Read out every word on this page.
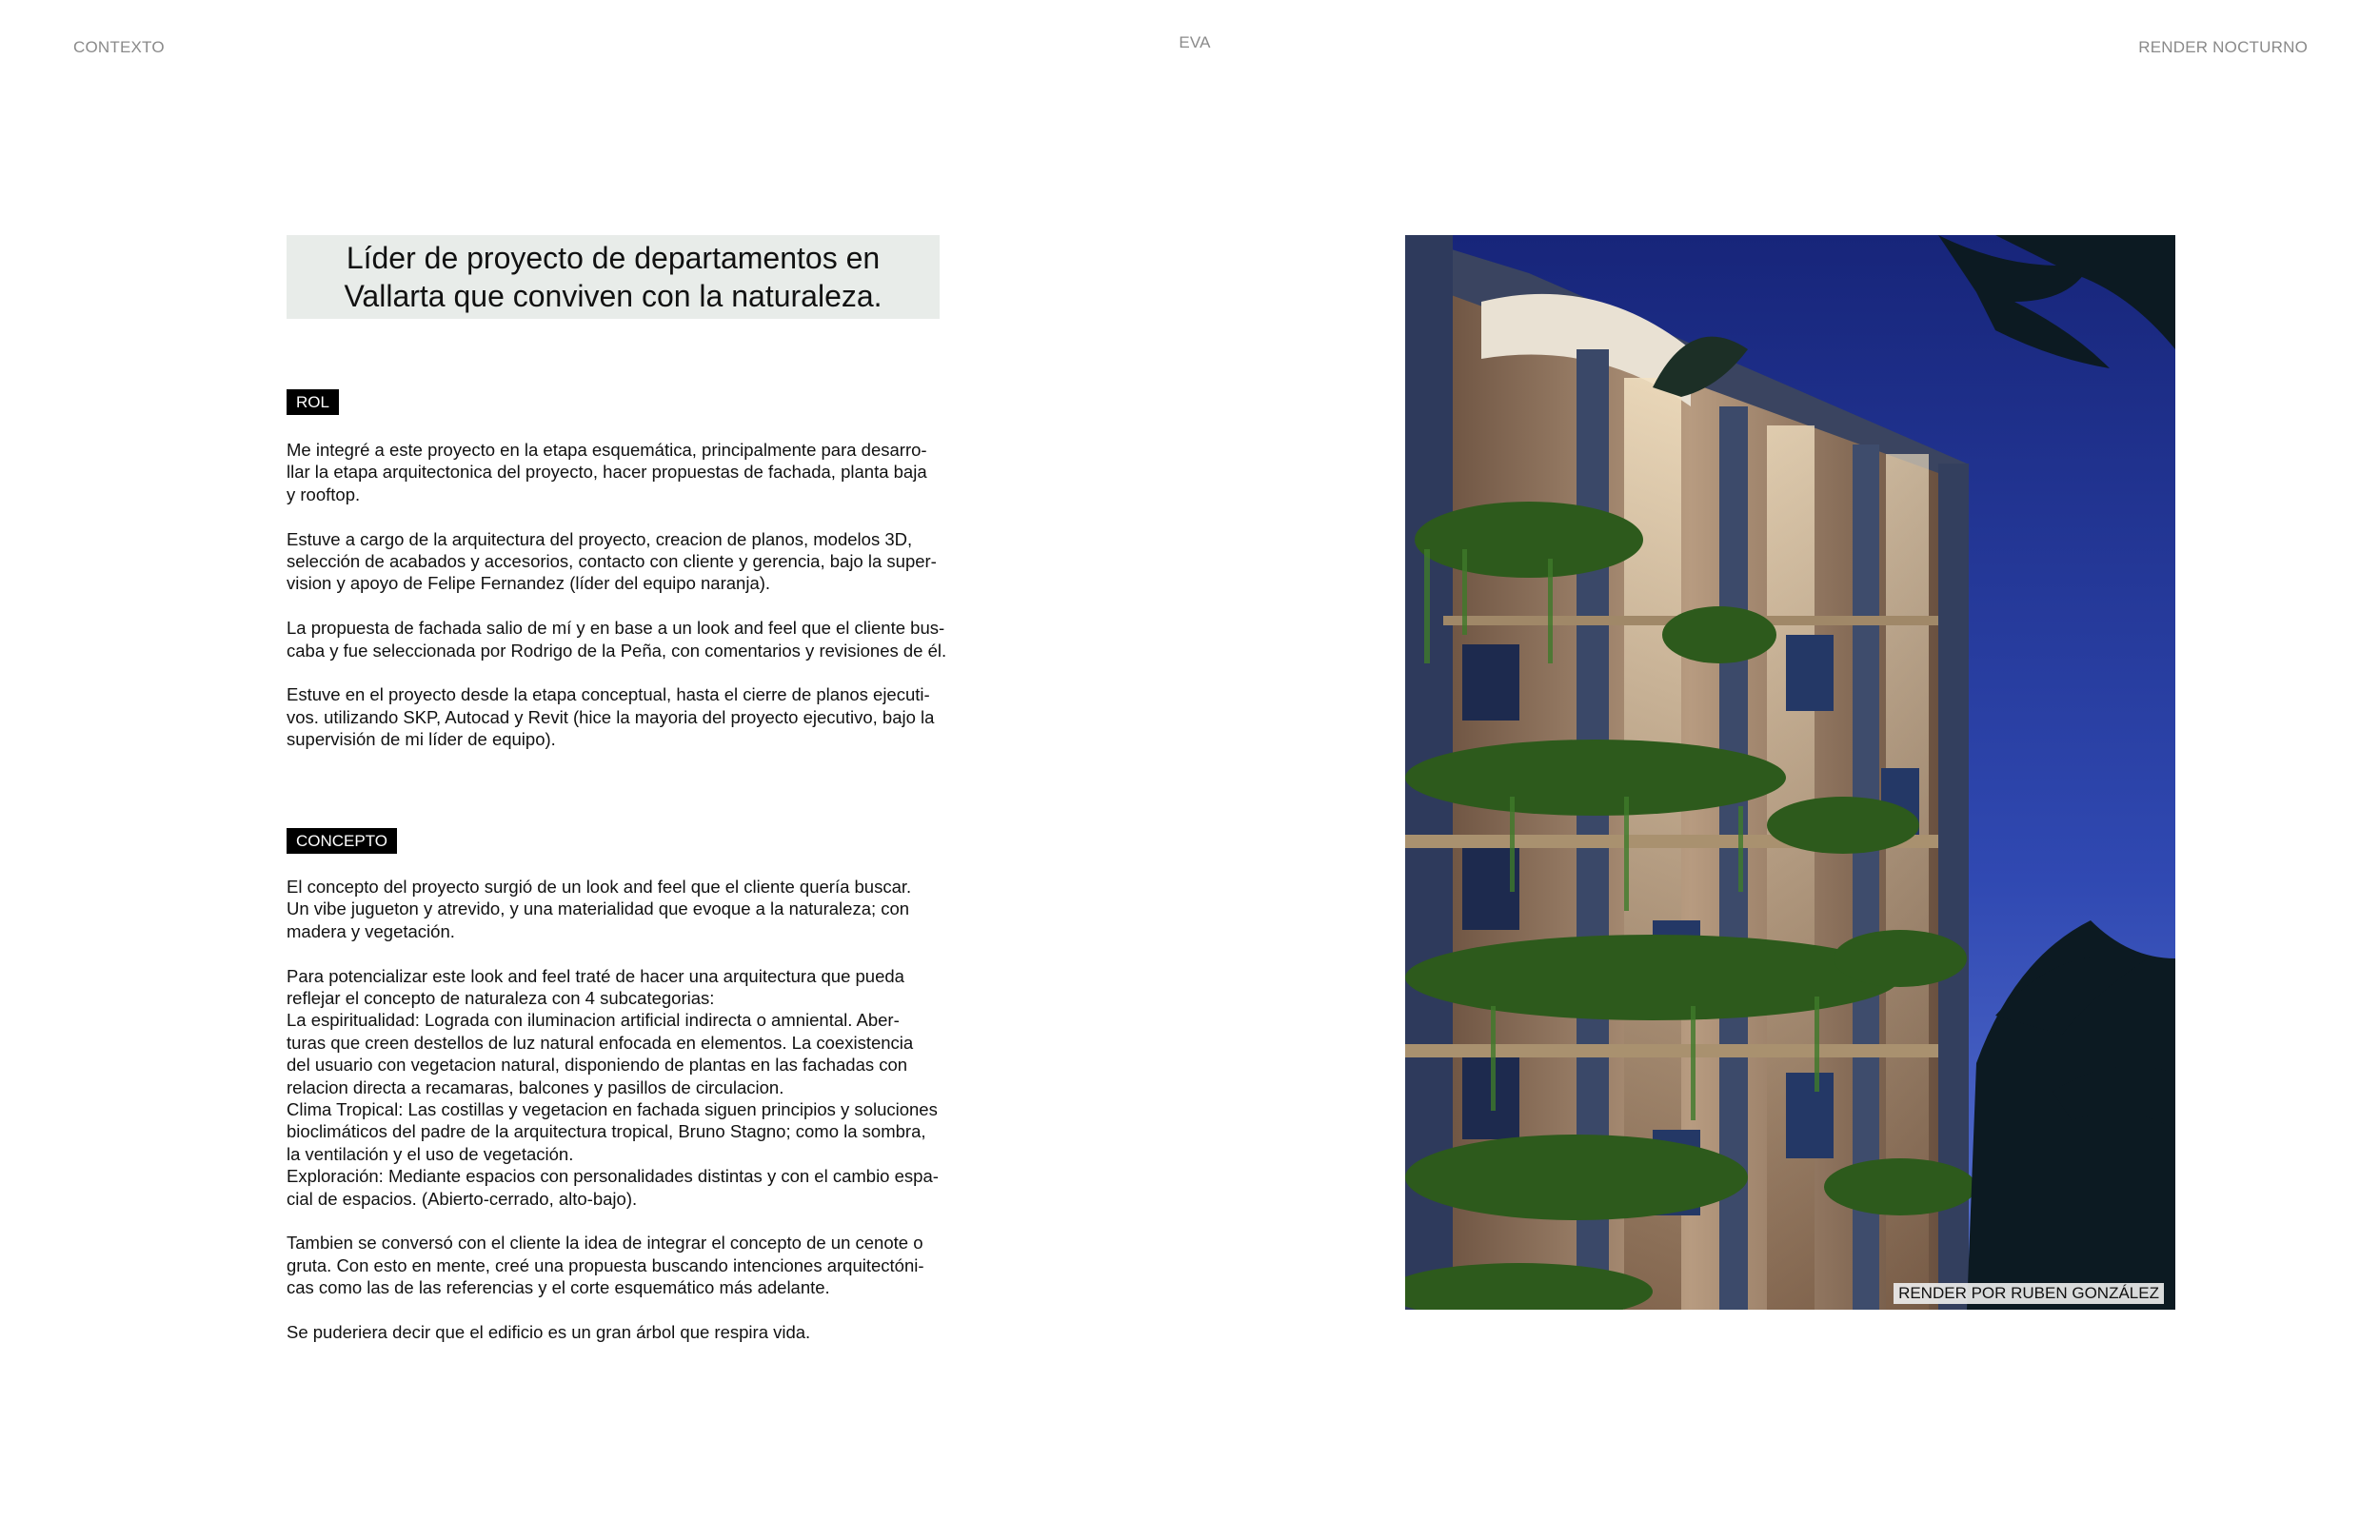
CONTEXTO	EVA	RENDER NOCTURNO
Líder de proyecto de departamentos en
Vallarta que conviven con la naturaleza.
ROL

Me integré a este proyecto en la etapa esquemática, principalmente para desarro-
llar la etapa arquitectonica del proyecto, hacer propuestas de fachada, planta baja
y rooftop.

Estuve a cargo de la arquitectura del proyecto, creacion de planos, modelos 3D,
selección de acabados y accesorios, contacto con cliente y gerencia, bajo la super-
vision y apoyo de Felipe Fernandez (líder del equipo naranja).

La propuesta de fachada salio de mí y en base a un look and feel que el cliente bus-
caba y fue seleccionada por Rodrigo de la Peña, con comentarios y revisiones de él.

Estuve en el proyecto desde la etapa conceptual, hasta el cierre de planos ejecuti-
vos. utilizando SKP, Autocad y Revit (hice la mayoria del proyecto ejecutivo, bajo la
supervisión de mi líder de equipo).

CONCEPTO

El concepto del proyecto surgió de un look and feel que el cliente quería buscar.
Un vibe jugueton y atrevido, y una materialidad que evoque a la naturaleza; con
madera y vegetación.

Para potencializar este look and feel traté de hacer una arquitectura que pueda
reflejar el concepto de naturaleza con 4 subcategorias:
La espiritualidad: Lograda con iluminacion artificial indirecta o amniental. Aber-
turas que creen destellos de luz natural enfocada en elementos. La coexistencia
del usuario con vegetacion natural, disponiendo de plantas en las fachadas con
relacion directa a recamaras, balcones y pasillos de circulacion.
Clima Tropical: Las costillas y vegetacion en fachada siguen principios y soluciones
bioclimáticos del padre de la arquitectura tropical, Bruno Stagno; como la sombra,
la ventilación y el uso de vegetación.
Exploración: Mediante espacios con personalidades distintas y con el cambio espa-
cial de espacios. (Abierto-cerrado, alto-bajo).

Tambien se conversó con el cliente la idea de integrar el concepto de un cenote o
gruta. Con esto en mente, creé una propuesta buscando intenciones arquitectóni-
cas como las de las referencias y el corte esquemático más adelante.

Se puderiera decir que el edificio es un gran árbol que respira vida.

RENDER POR RUBEN GONZÁLEZ
